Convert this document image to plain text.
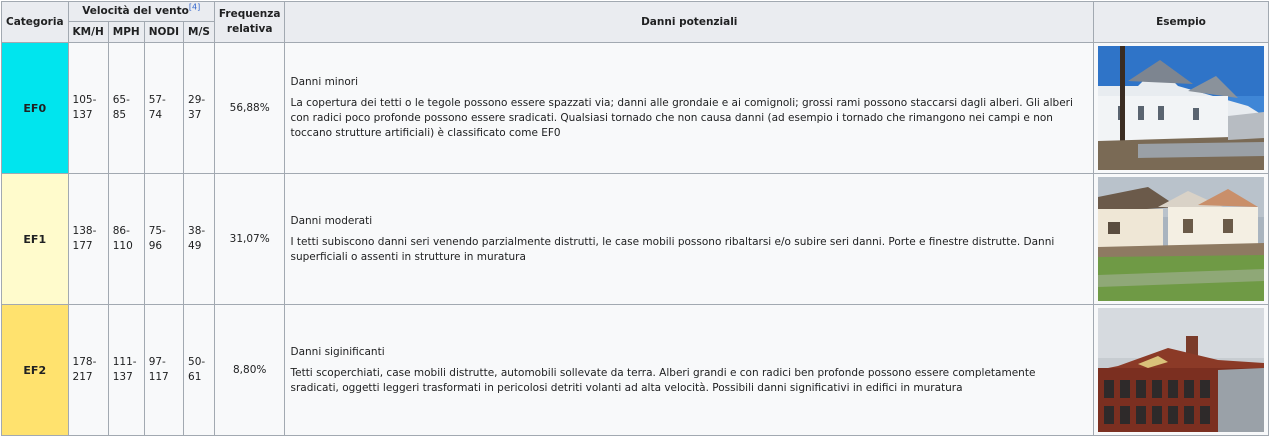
Categoria	Velocità del vento[4]				Frequenza
relativa	Danni potenziali	Esempio
	KM/H	MPH	NODI	M/S			
EF0	105-137	65-85	57-74	29-37	56,88%	Danni minori

La copertura dei tetti o le tegole possono essere spazzati via; danni alle grondaie e ai comignoli; grossi rami possono staccarsi dagli alberi. Gli alberi con radici poco profonde possono essere sradicati. Qualsiasi tornado che non causa danni (ad esempio i tornado che rimangono nei campi e non toccano strutture artificiali) è classificato come EF0

EF1	138-177	86-110	75-96	38-49	31,07%	Danni moderati

I tetti subiscono danni seri venendo parzialmente distrutti, le case mobili possono ribaltarsi e/o subire seri danni. Porte e finestre distrutte. Danni superficiali o assenti in strutture in muratura

EF2	178-217	111-137	97-117	50-61	8,80%	Danni siginificanti

Tetti scoperchiati, case mobili distrutte, automobili sollevate da terra. Alberi grandi e con radici ben profonde possono essere completamente sradicati, oggetti leggeri trasformati in pericolosi detriti volanti ad alta velocità. Possibili danni significativi in edifici in muratura
